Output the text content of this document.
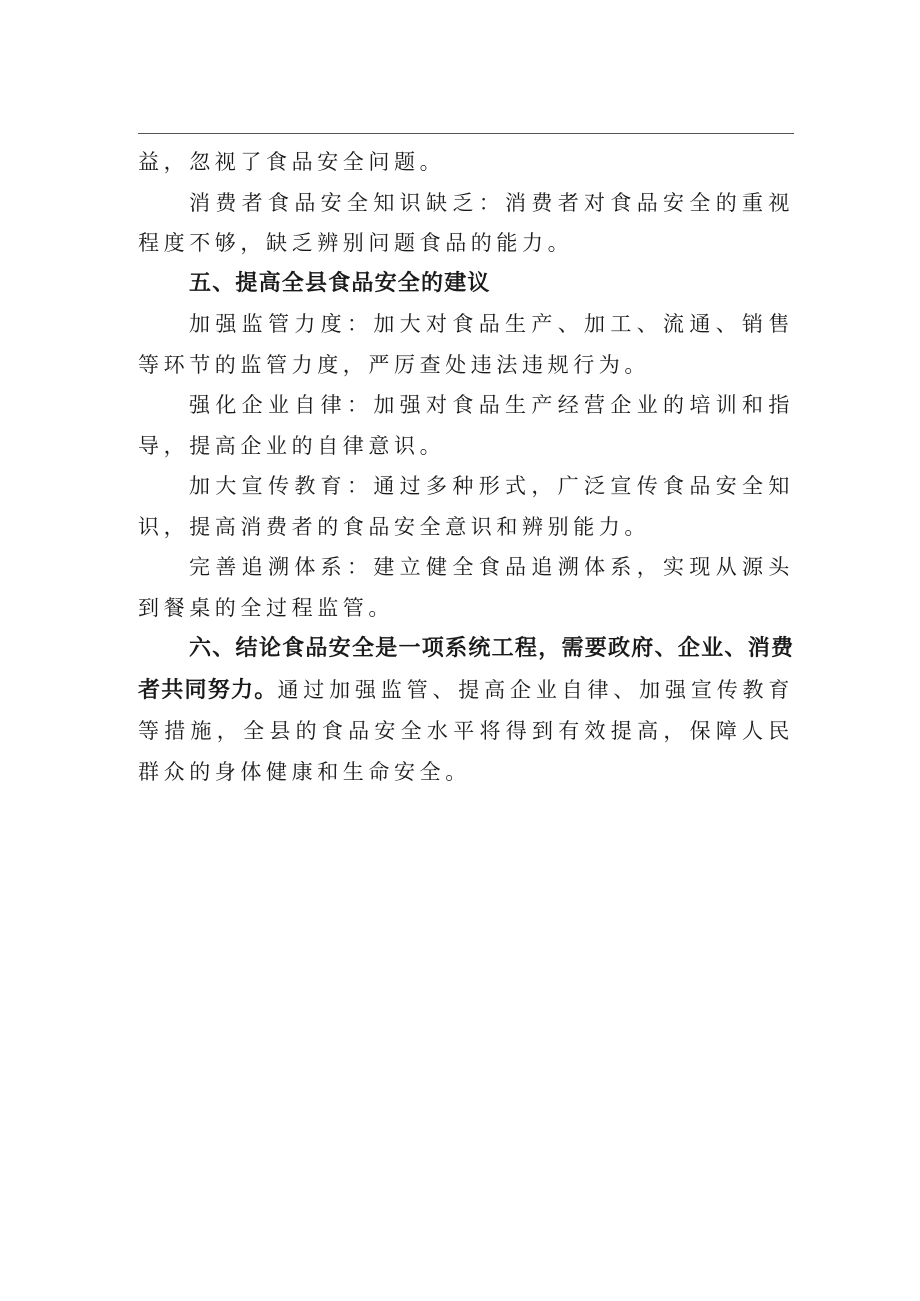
益，忽视了食品安全问题。

消费者食品安全知识缺乏：消费者对食品安全的重视程度不够，缺乏辨别问题食品的能力。

五、提高全县食品安全的建议

加强监管力度：加大对食品生产、加工、流通、销售等环节的监管力度，严厉查处违法违规行为。

强化企业自律：加强对食品生产经营企业的培训和指导，提高企业的自律意识。

加大宣传教育：通过多种形式，广泛宣传食品安全知识，提高消费者的食品安全意识和辨别能力。

完善追溯体系：建立健全食品追溯体系，实现从源头到餐桌的全过程监管。

六、结论食品安全是一项系统工程，需要政府、企业、消费者共同努力。通过加强监管、提高企业自律、加强宣传教育等措施，全县的食品安全水平将得到有效提高，保障人民群众的身体健康和生命安全。
